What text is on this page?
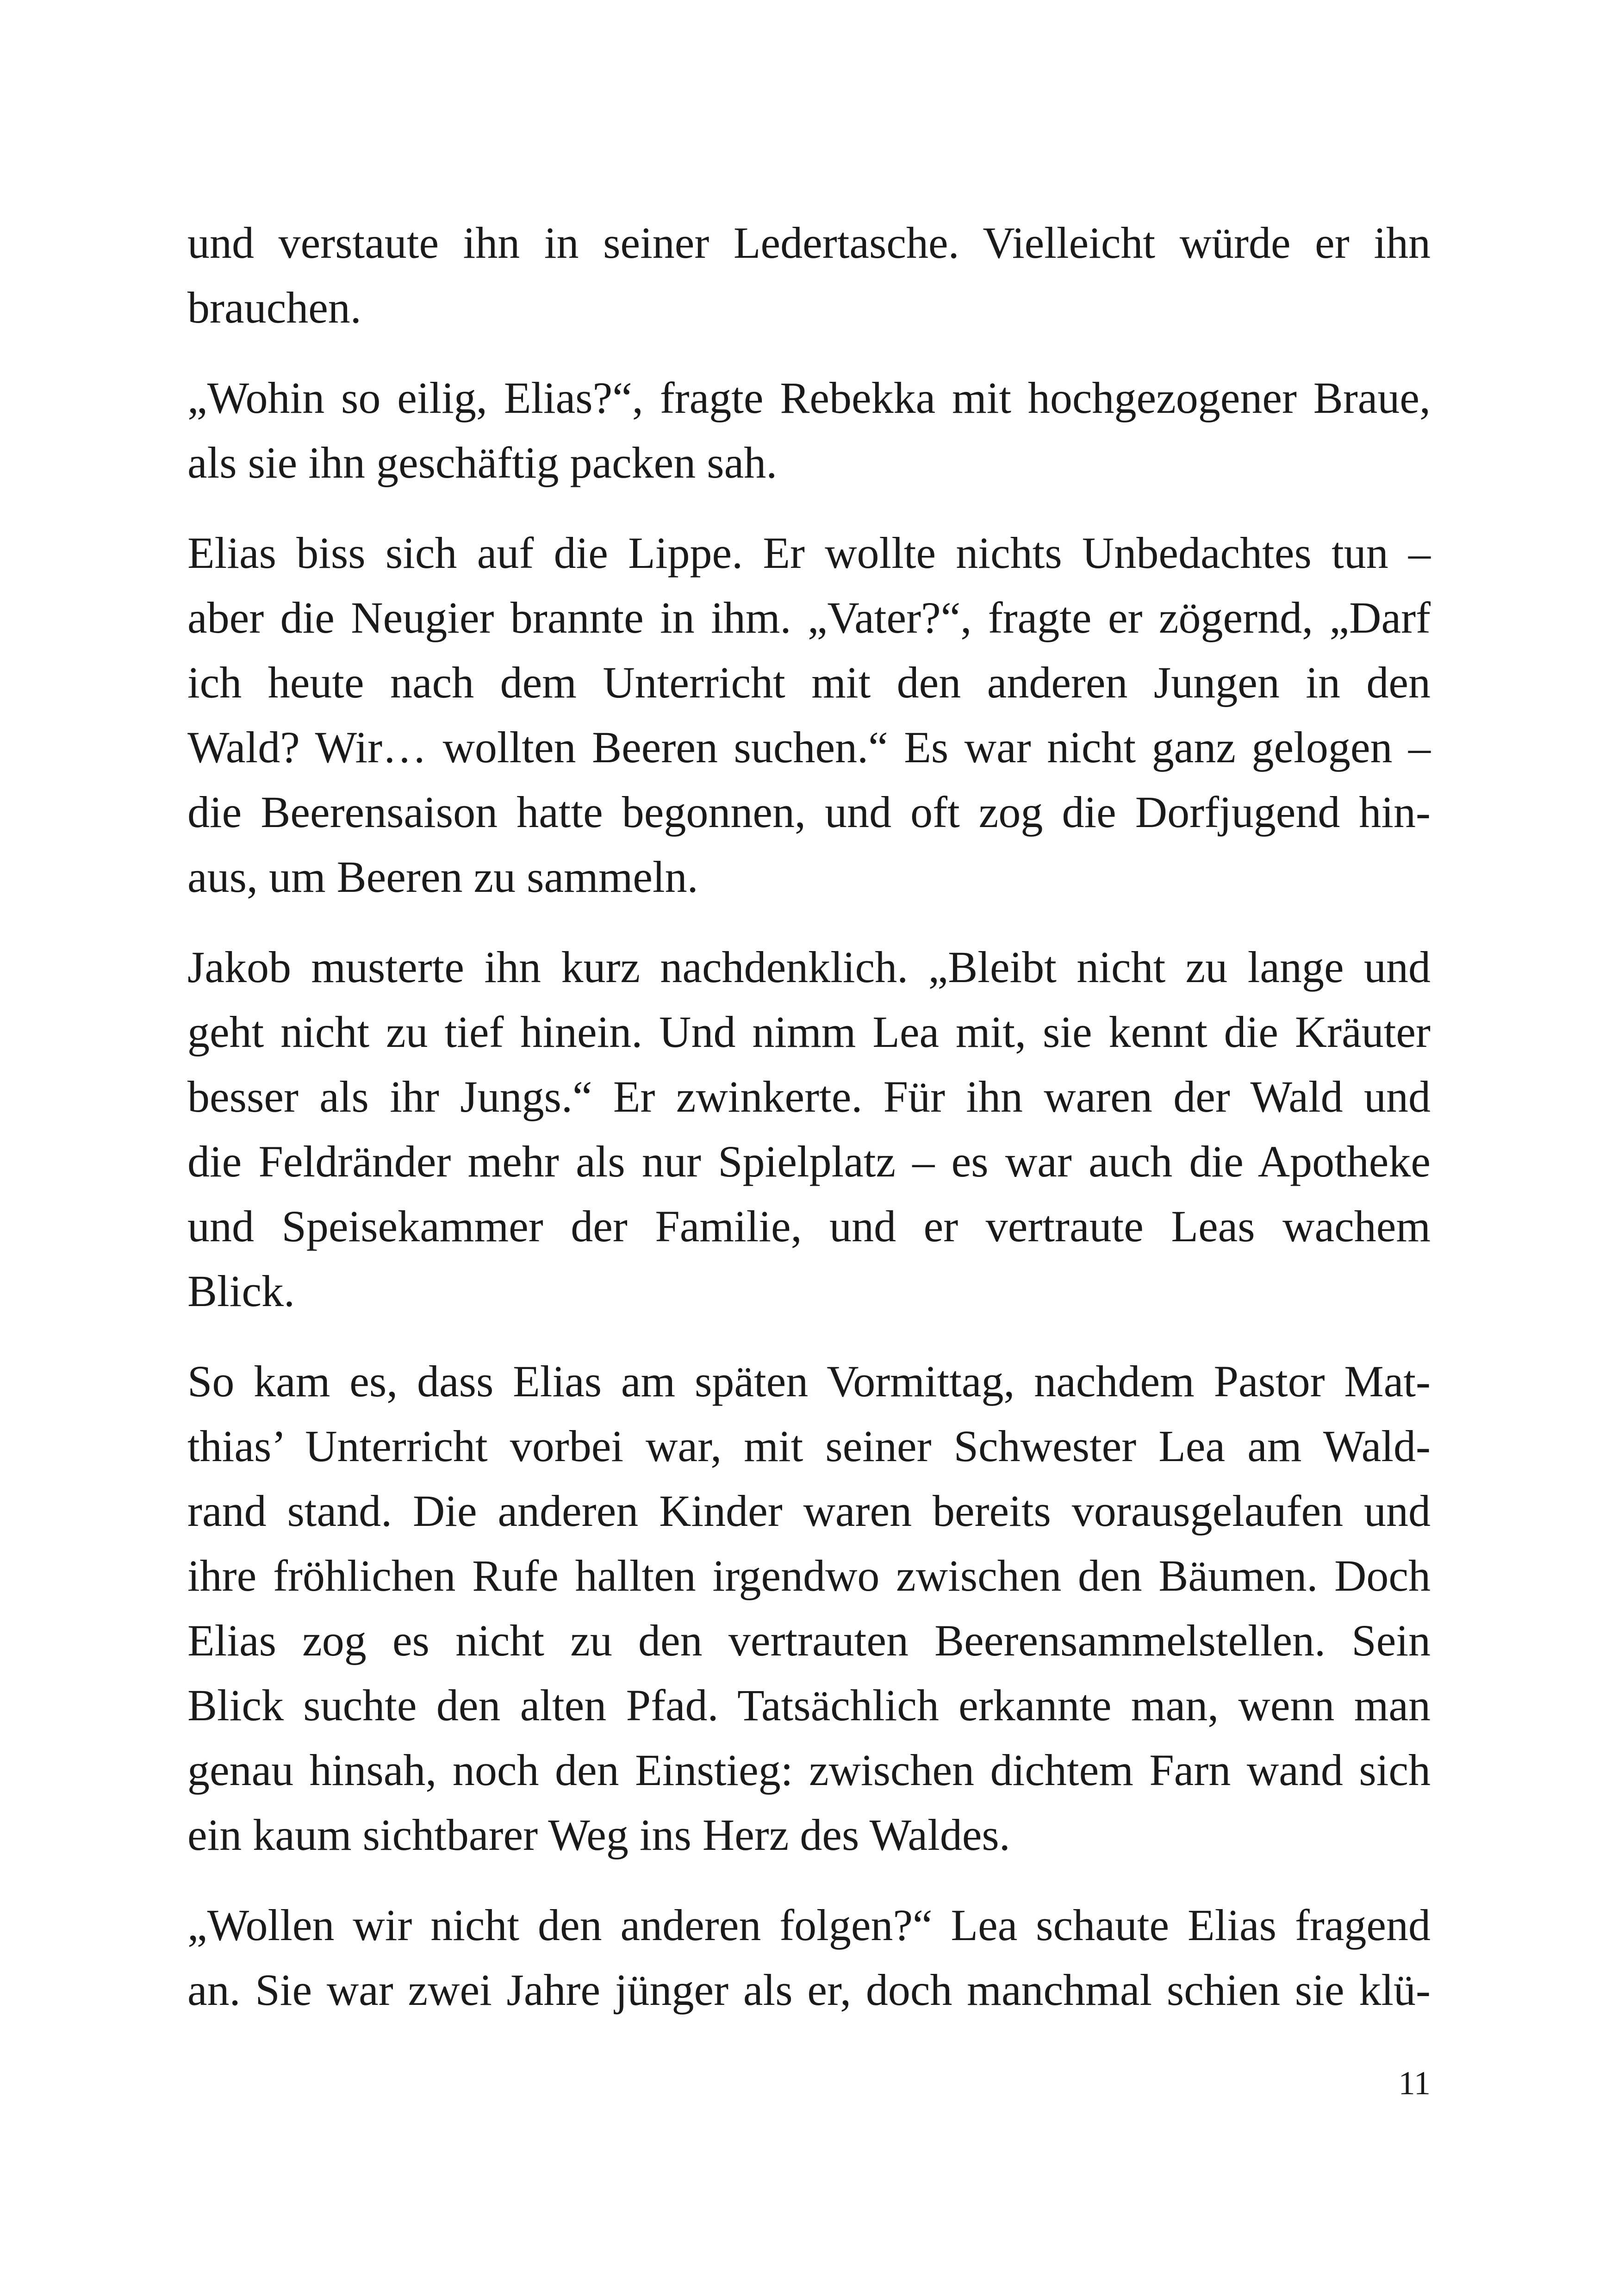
und verstaute ihn in seiner Ledertasche. Vielleicht würde er ihn
brauchen.

„Wohin so eilig, Elias?“, fragte Rebekka mit hochgezogener Braue,
als sie ihn geschäftig packen sah.

Elias biss sich auf die Lippe. Er wollte nichts Unbedachtes tun –
aber die Neugier brannte in ihm. „Vater?“, fragte er zögernd, „Darf
ich heute nach dem Unterricht mit den anderen Jungen in den
Wald? Wir… wollten Beeren suchen.“ Es war nicht ganz gelogen –
die Beerensaison hatte begonnen, und oft zog die Dorfjugend hin-
aus, um Beeren zu sammeln.

Jakob musterte ihn kurz nachdenklich. „Bleibt nicht zu lange und
geht nicht zu tief hinein. Und nimm Lea mit, sie kennt die Kräuter
besser als ihr Jungs.“ Er zwinkerte. Für ihn waren der Wald und
die Feldränder mehr als nur Spielplatz – es war auch die Apotheke
und Speisekammer der Familie, und er vertraute Leas wachem
Blick.

So kam es, dass Elias am späten Vormittag, nachdem Pastor Mat-
thias’ Unterricht vorbei war, mit seiner Schwester Lea am Wald-
rand stand. Die anderen Kinder waren bereits vorausgelaufen und
ihre fröhlichen Rufe hallten irgendwo zwischen den Bäumen. Doch
Elias zog es nicht zu den vertrauten Beerensammelstellen. Sein
Blick suchte den alten Pfad. Tatsächlich erkannte man, wenn man
genau hinsah, noch den Einstieg: zwischen dichtem Farn wand sich
ein kaum sichtbarer Weg ins Herz des Waldes.

„Wollen wir nicht den anderen folgen?“ Lea schaute Elias fragend
an. Sie war zwei Jahre jünger als er, doch manchmal schien sie klü-

11
